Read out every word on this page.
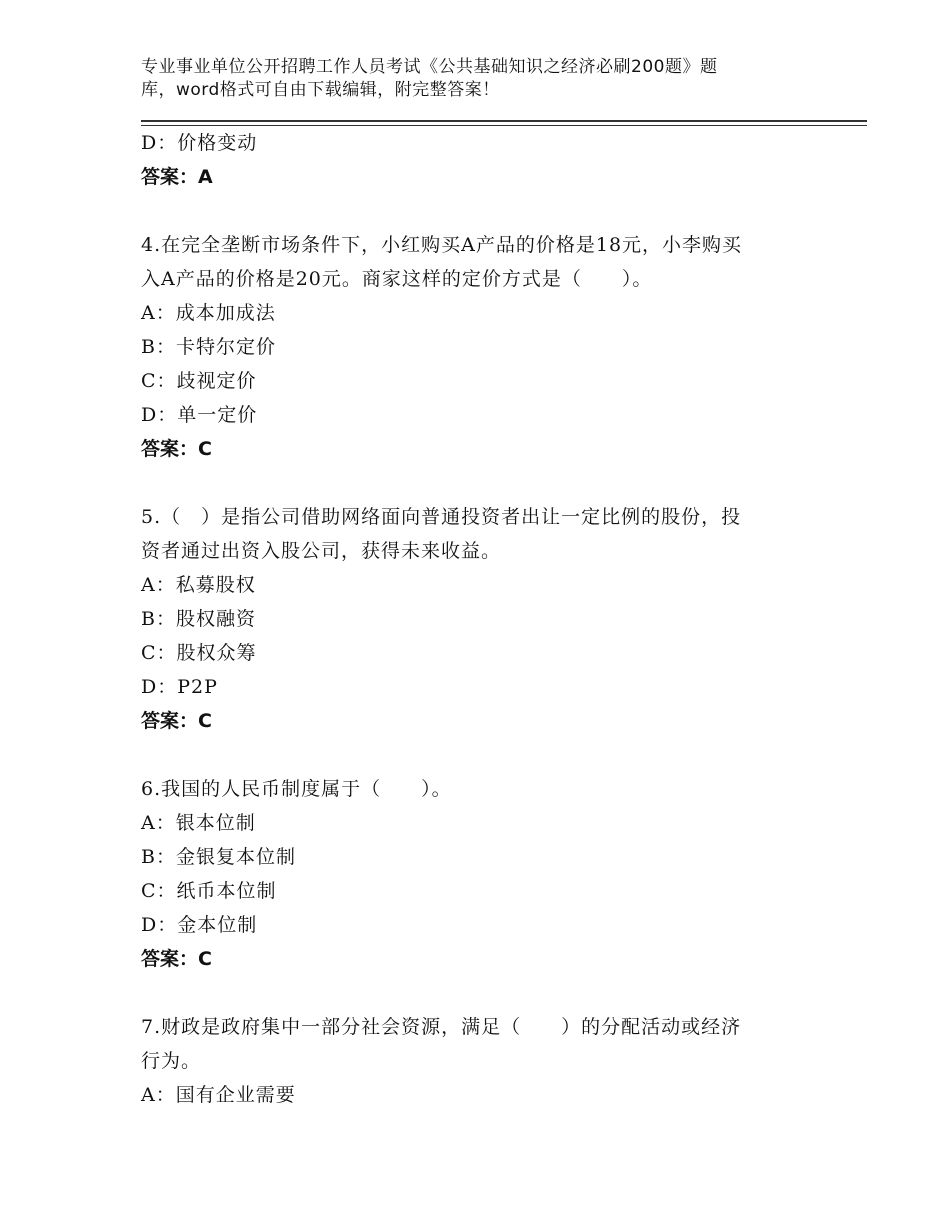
专业事业单位公开招聘工作人员考试《公共基础知识之经济必刷200题》题
库，word格式可自由下载编辑，附完整答案！
D：价格变动
答案：A
4.在完全垄断市场条件下，小红购买A产品的价格是18元，小李购买
入A产品的价格是20元。商家这样的定价方式是（　　）。
A：成本加成法
B：卡特尔定价
C：歧视定价
D：单一定价
答案：C
5.（　）是指公司借助网络面向普通投资者出让一定比例的股份，投
资者通过出资入股公司，获得未来收益。
A：私募股权
B：股权融资
C：股权众筹
D：P2P
答案：C
6.我国的人民币制度属于（　　）。
A：银本位制
B：金银复本位制
C：纸币本位制
D：金本位制
答案：C
7.财政是政府集中一部分社会资源，满足（　　）的分配活动或经济
行为。
A：国有企业需要
